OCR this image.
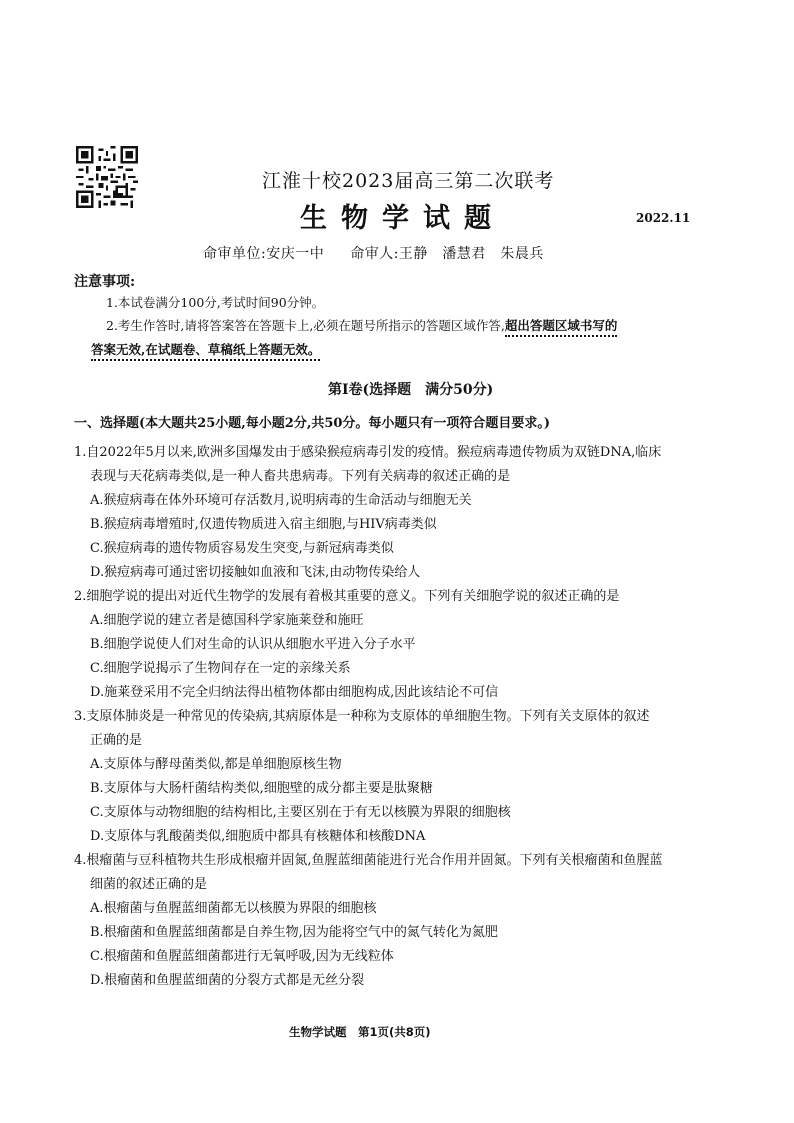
江淮十校2023届高三第二次联考
生物学试题	2022.11
命审单位:安庆一中 命审人:王静　潘慧君　朱晨兵
注意事项:
1.本试卷满分100分,考试时间90分钟。
2.考生作答时,请将答案答在答题卡上,必须在题号所指示的答题区域作答,超出答题区域书写的
答案无效,在试题卷、草稿纸上答题无效。
第Ⅰ卷(选择题　满分50分)
一、选择题(本大题共25小题,每小题2分,共50分。每小题只有一项符合题目要求。)
1.自2022年5月以来,欧洲多国爆发由于感染猴痘病毒引发的疫情。猴痘病毒遗传物质为双链DNA,临床
表现与天花病毒类似,是一种人畜共患病毒。下列有关病毒的叙述正确的是
A.猴痘病毒在体外环境可存活数月,说明病毒的生命活动与细胞无关
B.猴痘病毒增殖时,仅遗传物质进入宿主细胞,与HIV病毒类似
C.猴痘病毒的遗传物质容易发生突变,与新冠病毒类似
D.猴痘病毒可通过密切接触如血液和飞沫,由动物传染给人
2.细胞学说的提出对近代生物学的发展有着极其重要的意义。下列有关细胞学说的叙述正确的是
A.细胞学说的建立者是德国科学家施莱登和施旺
B.细胞学说使人们对生命的认识从细胞水平进入分子水平
C.细胞学说揭示了生物间存在一定的亲缘关系
D.施莱登采用不完全归纳法得出植物体都由细胞构成,因此该结论不可信
3.支原体肺炎是一种常见的传染病,其病原体是一种称为支原体的单细胞生物。下列有关支原体的叙述
正确的是
A.支原体与酵母菌类似,都是单细胞原核生物
B.支原体与大肠杆菌结构类似,细胞壁的成分都主要是肽聚糖
C.支原体与动物细胞的结构相比,主要区别在于有无以核膜为界限的细胞核
D.支原体与乳酸菌类似,细胞质中都具有核糖体和核酸DNA
4.根瘤菌与豆科植物共生形成根瘤并固氮,鱼腥蓝细菌能进行光合作用并固氮。下列有关根瘤菌和鱼腥蓝
细菌的叙述正确的是
A.根瘤菌与鱼腥蓝细菌都无以核膜为界限的细胞核
B.根瘤菌和鱼腥蓝细菌都是自养生物,因为能将空气中的氮气转化为氮肥
C.根瘤菌和鱼腥蓝细菌都进行无氧呼吸,因为无线粒体
D.根瘤菌和鱼腥蓝细菌的分裂方式都是无丝分裂
生物学试题　第1页(共8页)
